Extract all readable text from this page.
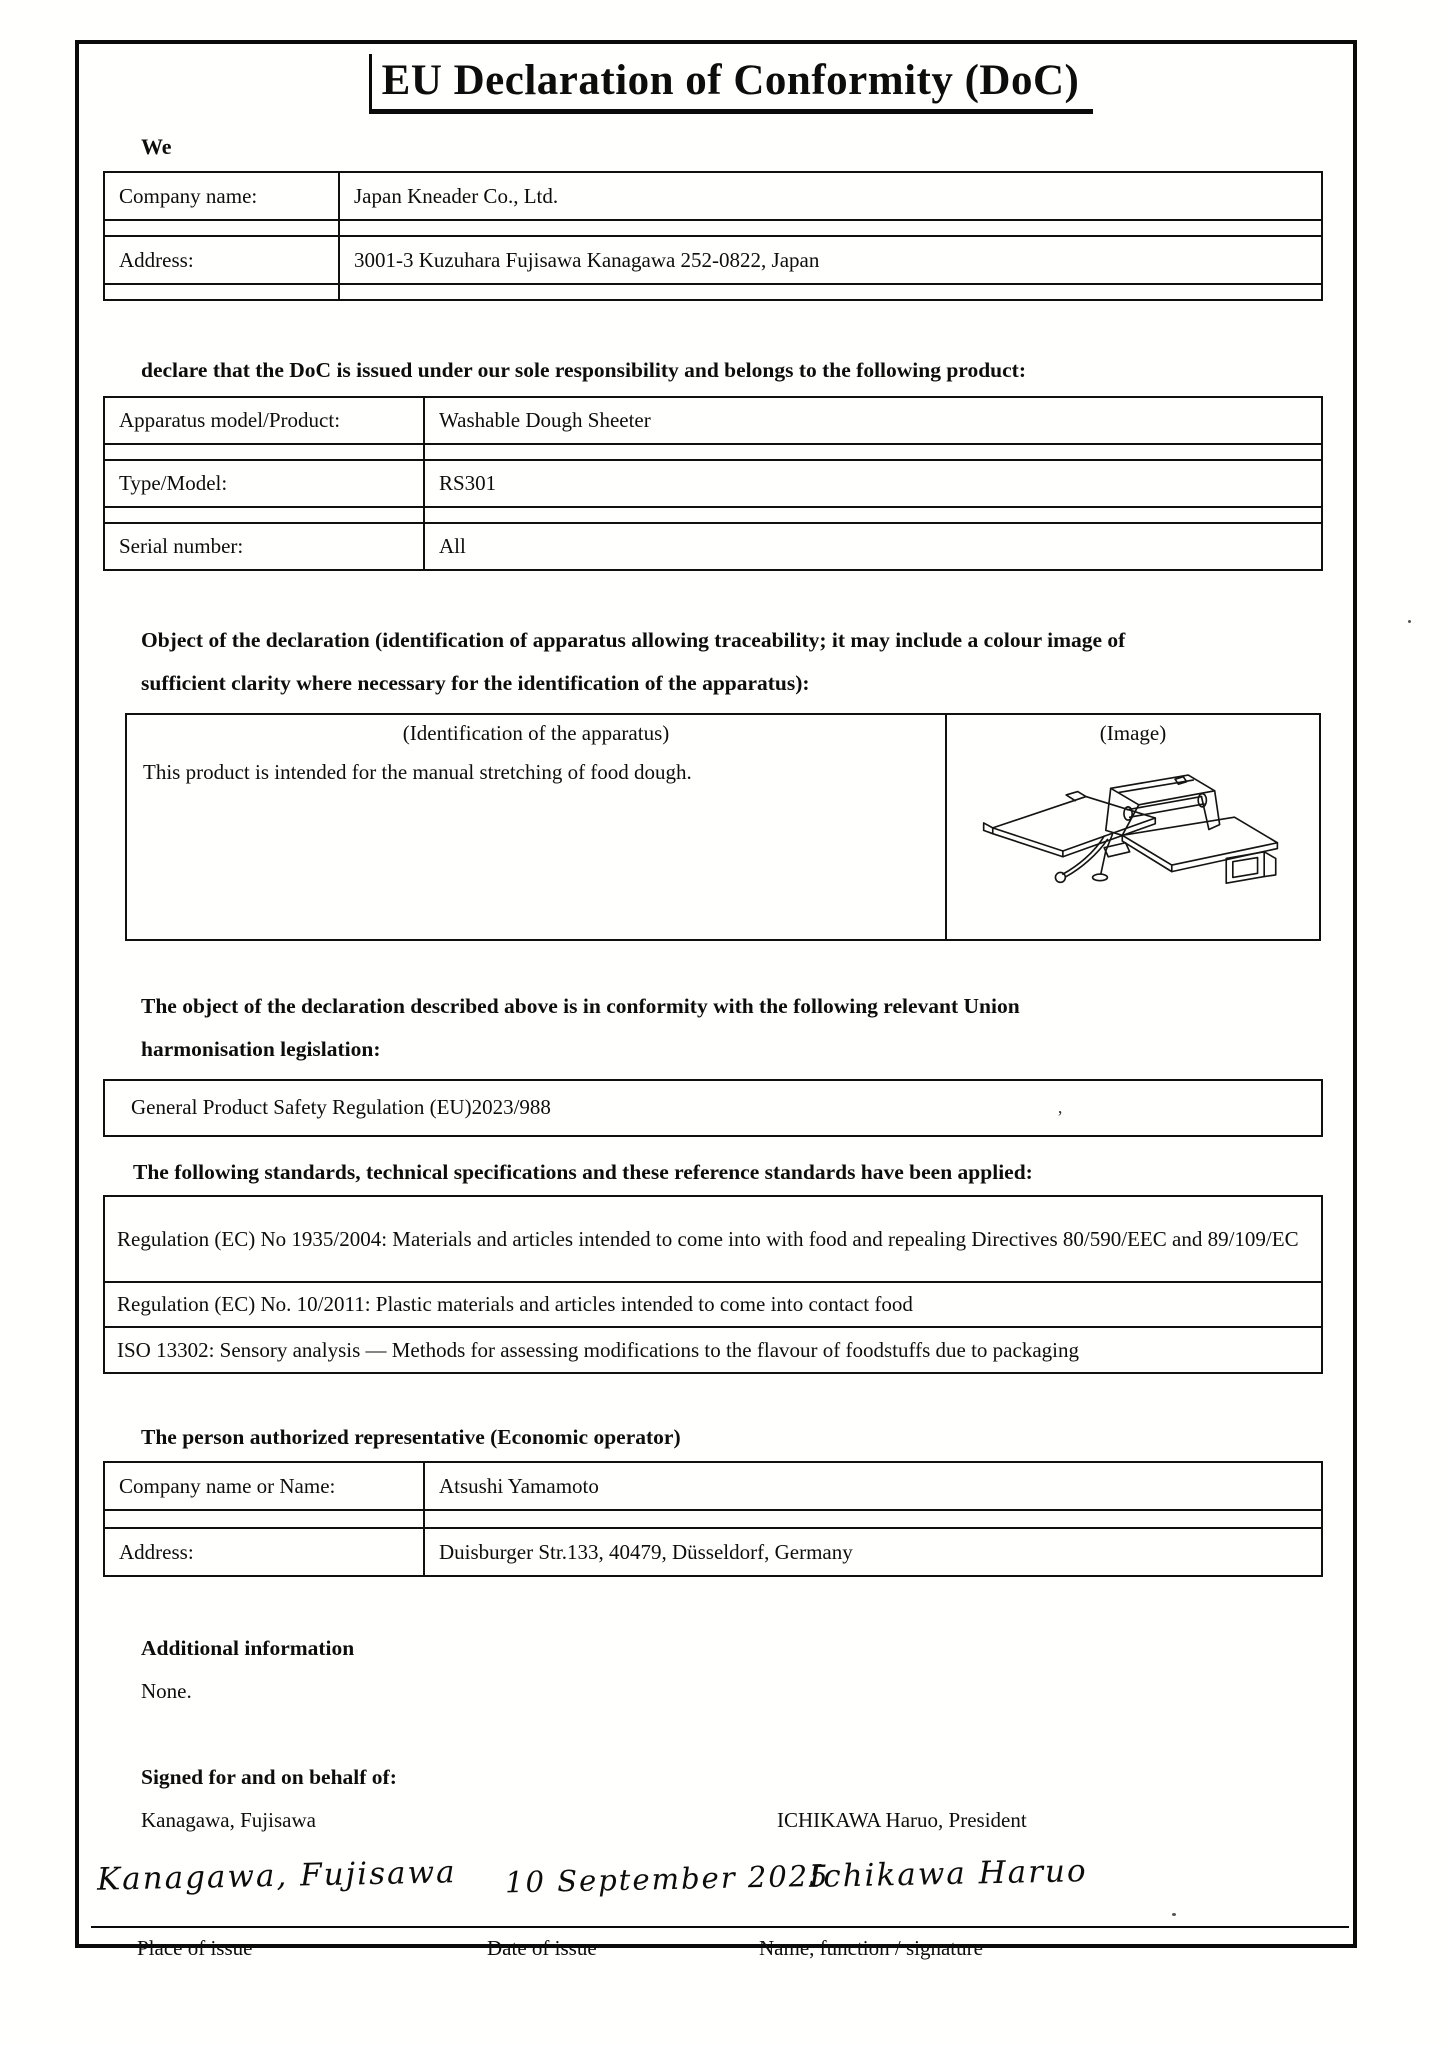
EU Declaration of Conformity (DoC)
We
Company name:	Japan Kneader Co., Ltd.

Address:	3001-3 Kuzuhara Fujisawa Kanagawa 252-0822, Japan

declare that the DoC is issued under our sole responsibility and belongs to the following product:
Apparatus model/Product:	Washable Dough Sheeter

Type/Model:	RS301

Serial number:	All
Object of the declaration (identification of apparatus allowing traceability; it may include a colour image of
sufficient clarity where necessary for the identification of the apparatus):
(Identification of the apparatus)
This product is intended for the manual stretching of food dough.

(Image)
The object of the declaration described above is in conformity with the following relevant Union
harmonisation legislation:
General Product Safety Regulation (EU)2023/988	’
The following standards, technical specifications and these reference standards have been applied:
Regulation (EC) No 1935/2004: Materials and articles intended to come into with food and repealing Directives 80/590/EEC and 89/109/EC
Regulation (EC) No. 10/2011: Plastic materials and articles intended to come into contact food
ISO 13302: Sensory analysis — Methods for assessing modifications to the flavour of foodstuffs due to packaging
The person authorized representative (Economic operator)
Company name or Name:	Atsushi Yamamoto

Address:	Duisburger Str.133, 40479, Düsseldorf, Germany
Additional information
None.
Signed for and on behalf of:
Kanagawa, Fujisawa	ICHIKAWA Haruo, President
Kanagawa, Fujisawa 10 September 2025
Ichikawa Haruo
Place of issue	Date of issue	Name, function / signature
